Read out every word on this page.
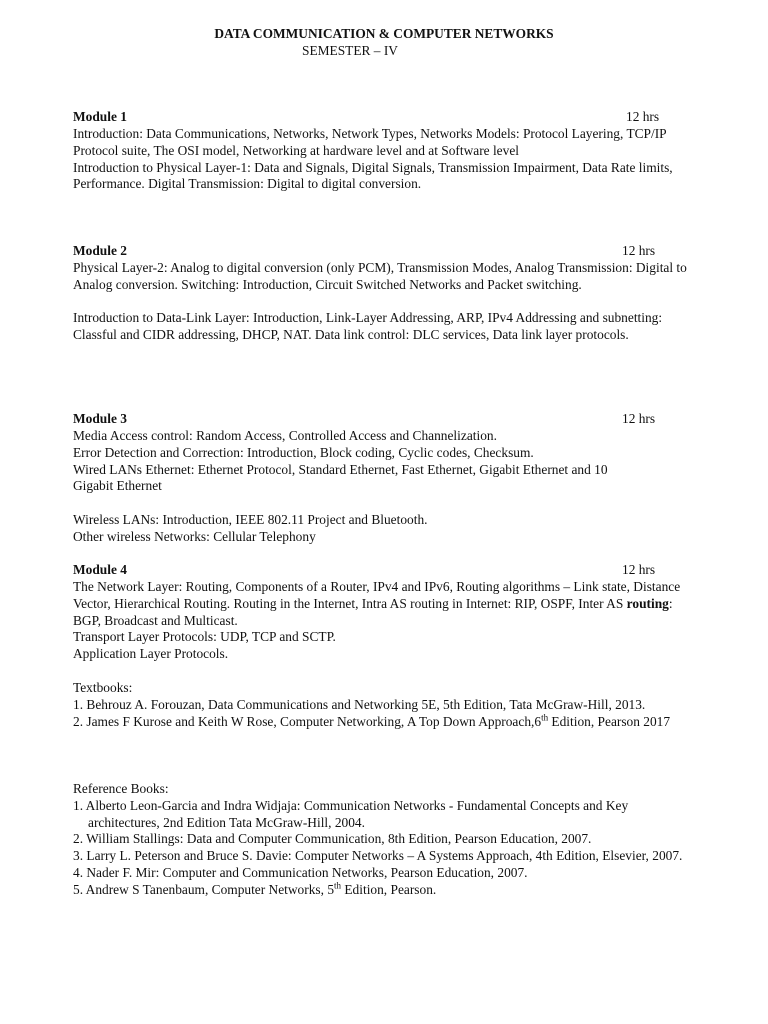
DATA COMMUNICATION & COMPUTER NETWORKS
SEMESTER – IV
Module 1	12 hrs

Introduction: Data Communications, Networks, Network Types, Networks Models: Protocol Layering, TCP/IP Protocol suite, The OSI model, Networking at hardware level and at Software level

Introduction to Physical Layer-1: Data and Signals, Digital Signals, Transmission Impairment, Data Rate limits, Performance. Digital Transmission: Digital to digital conversion.

Module 2	12 hrs

Physical Layer-2: Analog to digital conversion (only PCM), Transmission Modes, Analog Transmission: Digital to Analog conversion. Switching: Introduction, Circuit Switched Networks and Packet switching.

Introduction to Data-Link Layer: Introduction, Link-Layer Addressing, ARP, IPv4 Addressing and subnetting: Classful and CIDR addressing, DHCP, NAT. Data link control: DLC services, Data link layer protocols.

Module 3	12 hrs

Media Access control: Random Access, Controlled Access and Channelization.

Error Detection and Correction: Introduction, Block coding, Cyclic codes, Checksum.

Wired LANs Ethernet: Ethernet Protocol, Standard Ethernet, Fast Ethernet, Gigabit Ethernet and 10 Gigabit Ethernet

Wireless LANs: Introduction, IEEE 802.11 Project and Bluetooth.

Other wireless Networks: Cellular Telephony

Module 4	12 hrs

The Network Layer: Routing, Components of a Router, IPv4 and IPv6, Routing algorithms – Link state, Distance Vector, Hierarchical Routing. Routing in the Internet, Intra AS routing in Internet: RIP, OSPF, Inter AS routing: BGP, Broadcast and Multicast.

Transport Layer Protocols: UDP, TCP and SCTP.

Application Layer Protocols.

Textbooks:

1. Behrouz A. Forouzan, Data Communications and Networking 5E, 5th Edition, Tata McGraw-Hill, 2013.

2. James F Kurose and Keith W Rose, Computer Networking, A Top Down Approach,6th Edition, Pearson 2017

Reference Books:

1. Alberto Leon-Garcia and Indra Widjaja: Communication Networks - Fundamental Concepts and Key architectures, 2nd Edition Tata McGraw-Hill, 2004.

2. William Stallings: Data and Computer Communication, 8th Edition, Pearson Education, 2007.

3. Larry L. Peterson and Bruce S. Davie: Computer Networks – A Systems Approach, 4th Edition, Elsevier, 2007.

4. Nader F. Mir: Computer and Communication Networks, Pearson Education, 2007.

5. Andrew S Tanenbaum, Computer Networks, 5th Edition, Pearson.
